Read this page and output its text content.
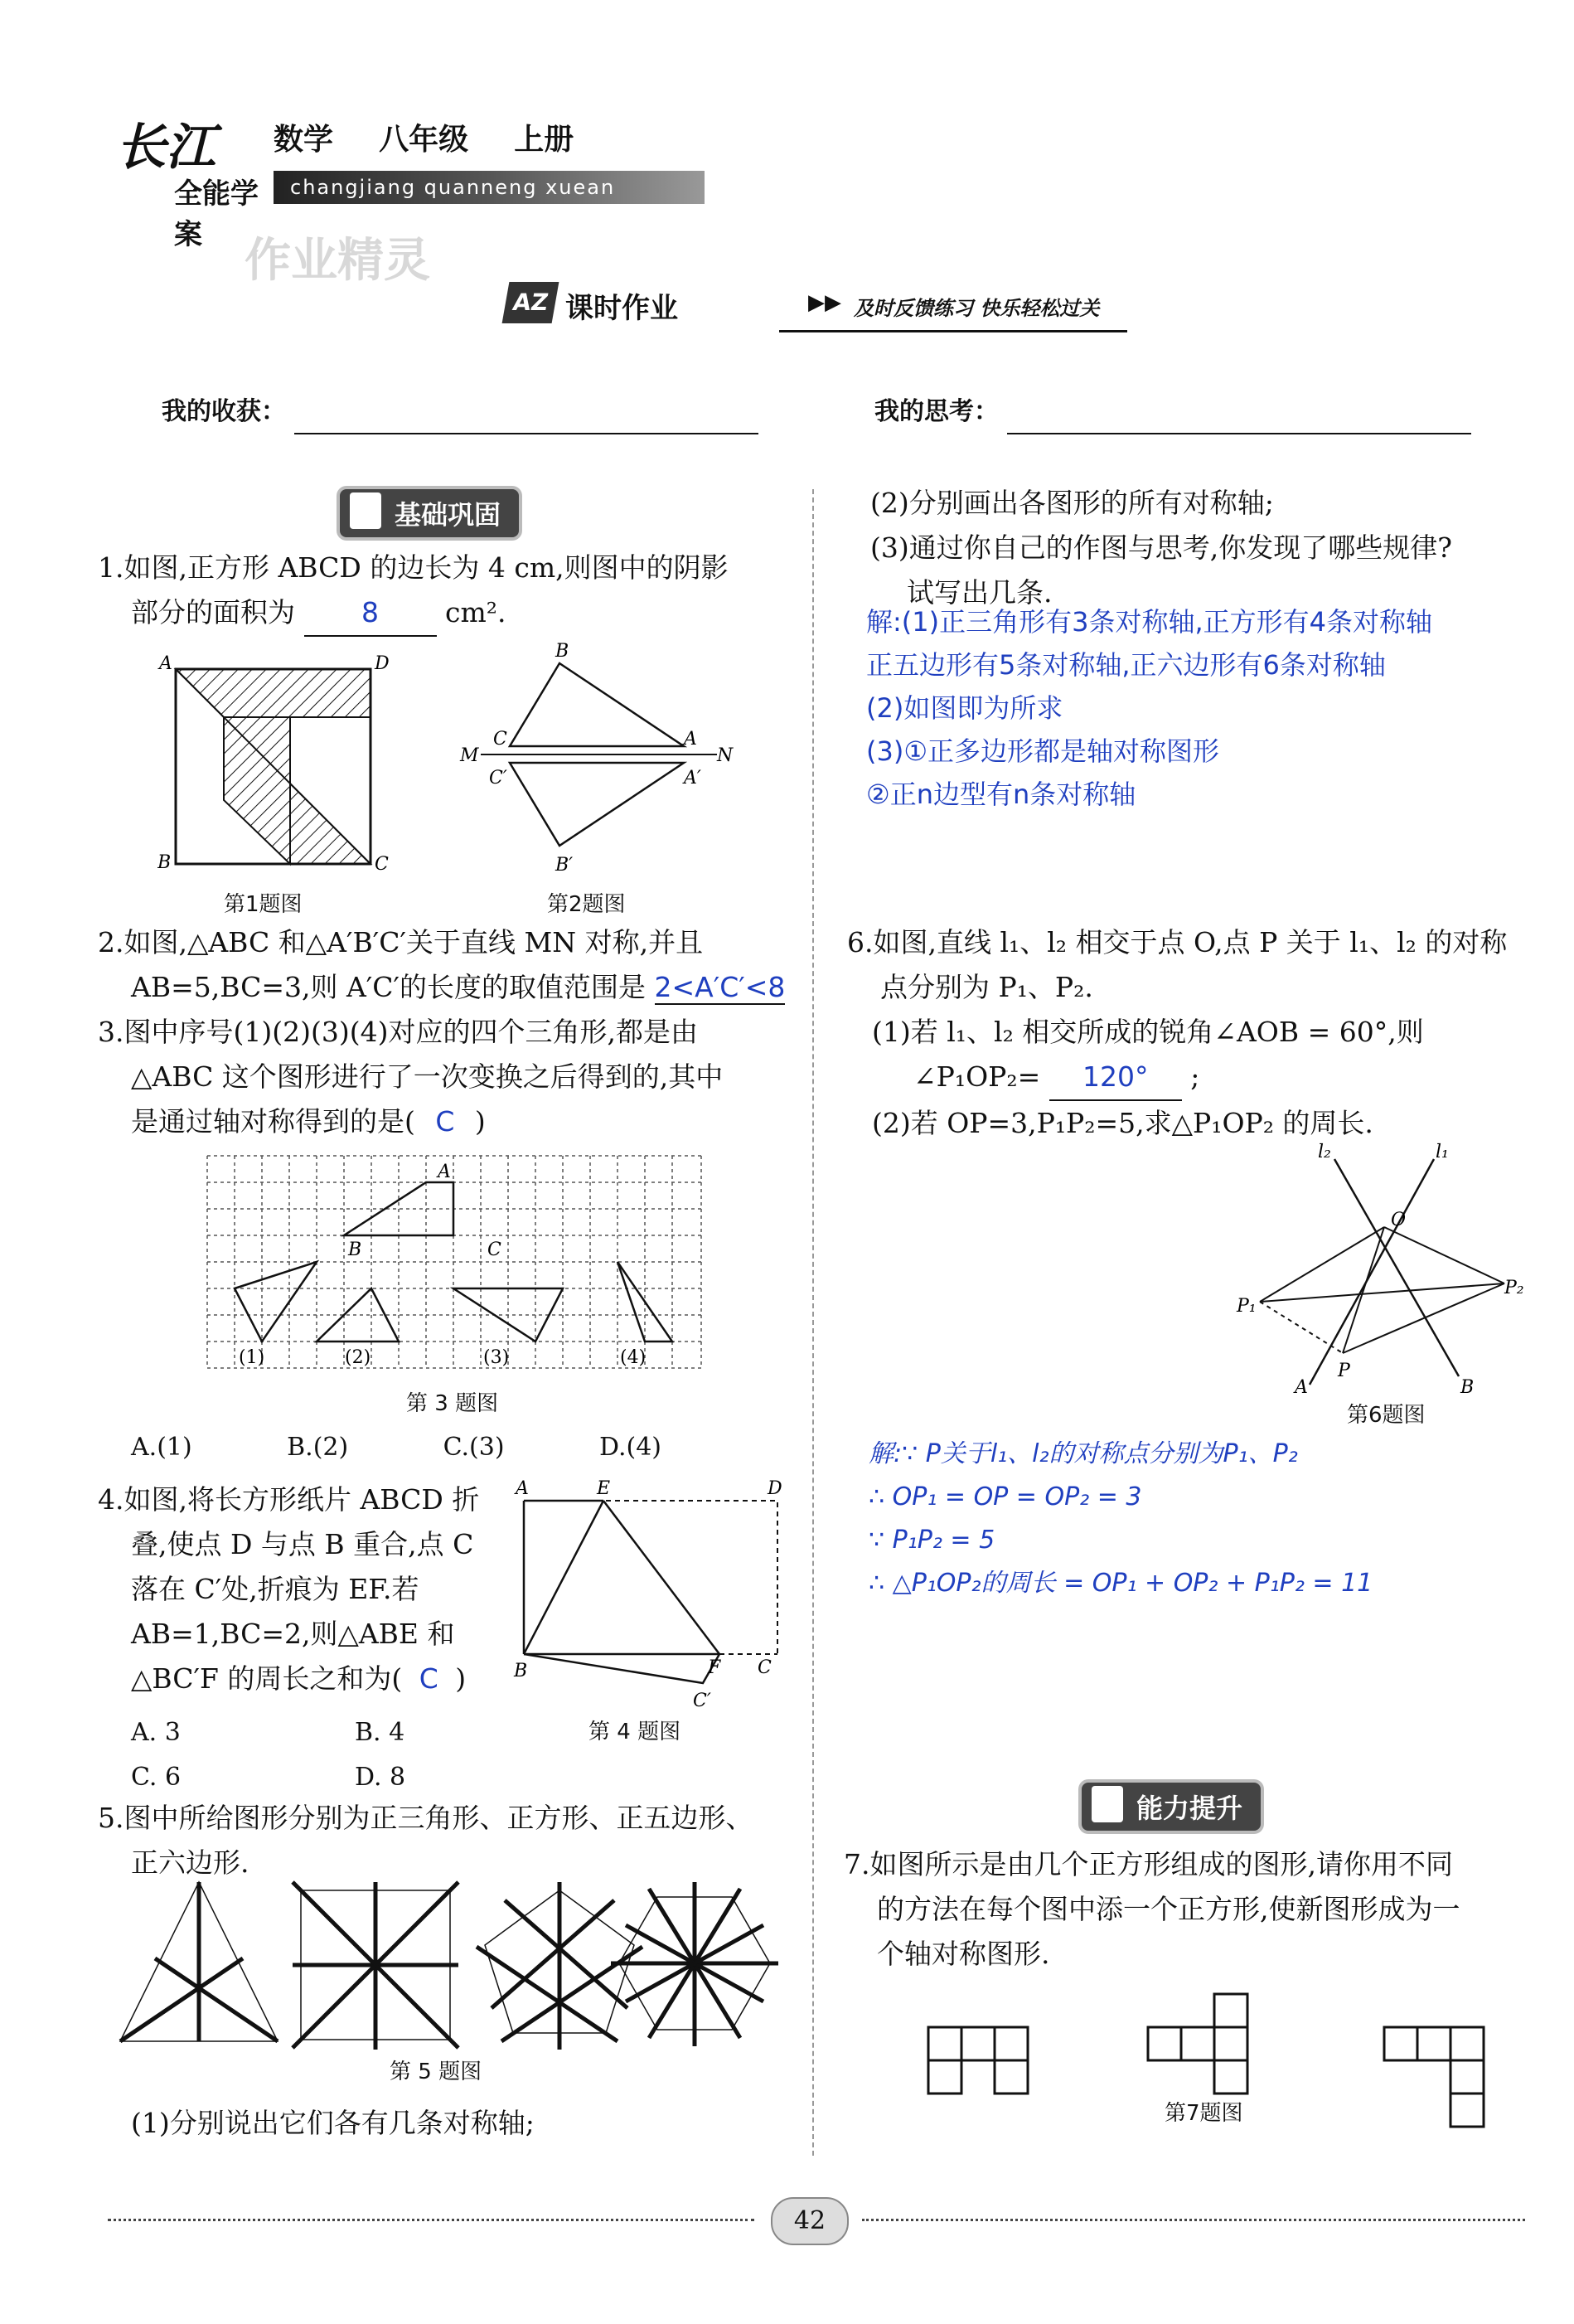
长江
全能学案
数学 八年级 上册
changjiang quanneng xuean
作业精灵
AZ 课时作业	▶▶ 及时反馈练习 快乐轻松过关
我的收获：	我的思考：
基础巩固
1.如图,正方形 ABCD 的边长为 4 cm,则图中的阴影
部分的面积为 8 cm².
A	D
B	C
第1题图
B
C	A
M	N
C′	A′
B′
第2题图
2.如图,△ABC 和△A′B′C′关于直线 MN 对称,并且
AB=5,BC=3,则 A′C′的长度的取值范围是 2<A′C′<8
3.图中序号(1)(2)(3)(4)对应的四个三角形,都是由
△ABC 这个图形进行了一次变换之后得到的,其中
是通过轴对称得到的是( C )
A
B	C
(1)	(2)	(3)	(4)
第 3 题图
A.(1)	B.(2)	C.(3)	D.(4)
4.如图,将长方形纸片 ABCD 折
叠,使点 D 与点 B 重合,点 C
落在 C′处,折痕为 EF.若
AB=1,BC=2,则△ABE 和
△BC′F 的周长之和为( C )
A. 3	B. 4
C. 6	D. 8
A	E	D
B	F C
C′
第 4 题图
5.图中所给图形分别为正三角形、正方形、正五边形、
正六边形.
第 5 题图
(1)分别说出它们各有几条对称轴;
(2)分别画出各图形的所有对称轴;
(3)通过你自己的作图与思考,你发现了哪些规律?
试写出几条.
解:(1)正三角形有3条对称轴,正方形有4条对称轴
正五边形有5条对称轴,正六边形有6条对称轴
(2)如图即为所求
(3)①正多边形都是轴对称图形
②正n边型有n条对称轴
6.如图,直线 l₁、l₂ 相交于点 O,点 P 关于 l₁、l₂ 的对称
点分别为 P₁、P₂.
(1)若 l₁、l₂ 相交所成的锐角∠AOB = 60°,则
∠P₁OP₂= 120° ;
(2)若 OP=3,P₁P₂=5,求△P₁OP₂ 的周长.
l₂	l₁
O
P₁
P₂
P
A	B
第6题图
解:∵ P关于l₁、l₂的对称点分别为P₁、P₂
∴ OP₁ = OP = OP₂ = 3
∵ P₁P₂ = 5
∴ △P₁OP₂的周长 = OP₁ + OP₂ + P₁P₂ = 11
能力提升
7.如图所示是由几个正方形组成的图形,请你用不同
的方法在每个图中添一个正方形,使新图形成为一
个轴对称图形.
第7题图
42
